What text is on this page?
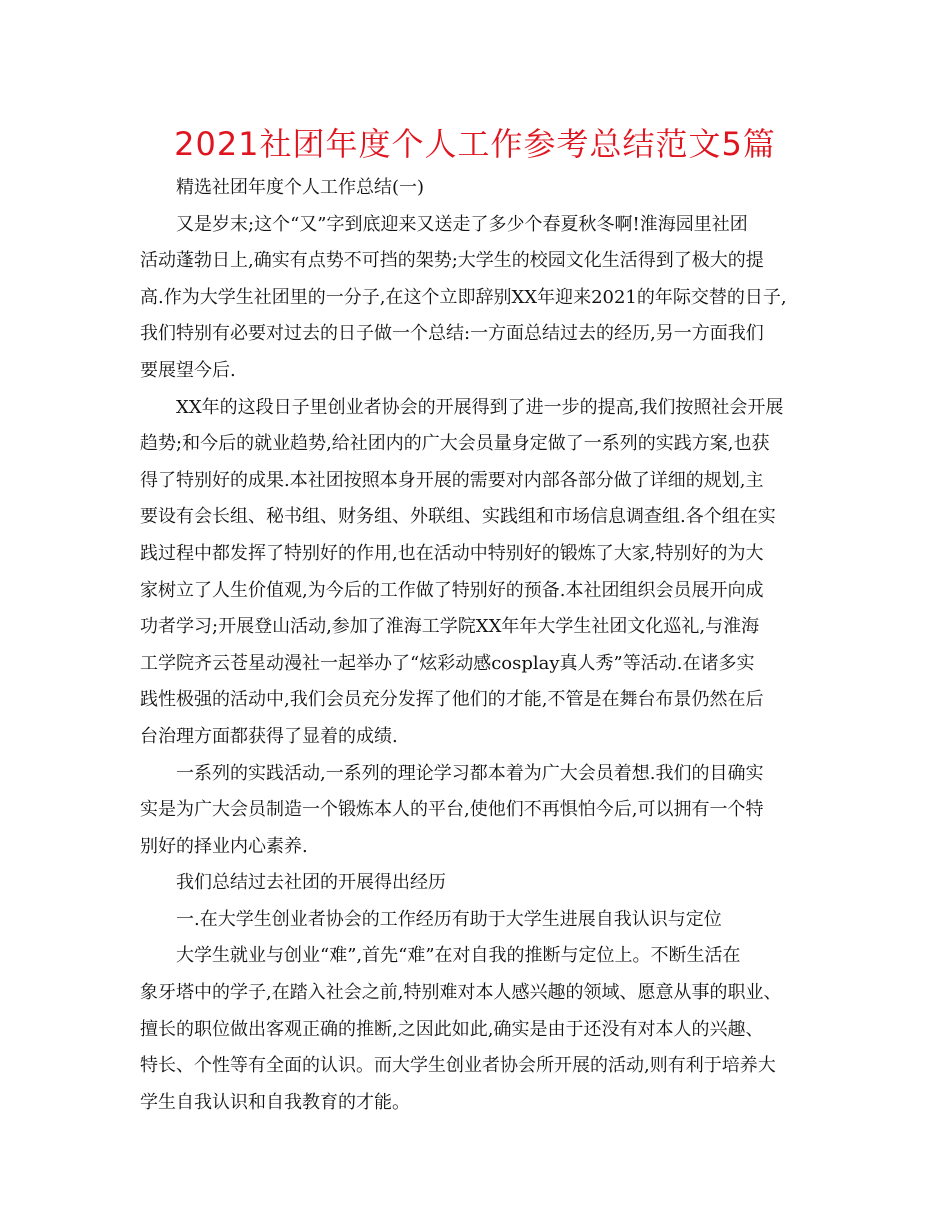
2021社团年度个人工作参考总结范文5篇
精选社团年度个人工作总结(一)
又是岁末;这个“又”字到底迎来又送走了多少个春夏秋冬啊!淮海园里社团
活动蓬勃日上,确实有点势不可挡的架势;大学生的校园文化生活得到了极大的提
高.作为大学生社团里的一分子,在这个立即辞别XX年迎来2021的年际交替的日子,
我们特别有必要对过去的日子做一个总结:一方面总结过去的经历,另一方面我们
要展望今后.
XX年的这段日子里创业者协会的开展得到了进一步的提高,我们按照社会开展
趋势;和今后的就业趋势,给社团内的广大会员量身定做了一系列的实践方案,也获
得了特别好的成果.本社团按照本身开展的需要对内部各部分做了详细的规划,主
要设有会长组、秘书组、财务组、外联组、实践组和市场信息调查组.各个组在实
践过程中都发挥了特别好的作用,也在活动中特别好的锻炼了大家,特别好的为大
家树立了人生价值观,为今后的工作做了特别好的预备.本社团组织会员展开向成
功者学习;开展登山活动,参加了淮海工学院XX年年大学生社团文化巡礼,与淮海
工学院齐云苍星动漫社一起举办了“炫彩动感cosplay真人秀”等活动.在诸多实
践性极强的活动中,我们会员充分发挥了他们的才能,不管是在舞台布景仍然在后
台治理方面都获得了显着的成绩.
一系列的实践活动,一系列的理论学习都本着为广大会员着想.我们的目确实
实是为广大会员制造一个锻炼本人的平台,使他们不再惧怕今后,可以拥有一个特
别好的择业内心素养.
我们总结过去社团的开展得出经历
一.在大学生创业者协会的工作经历有助于大学生进展自我认识与定位
大学生就业与创业“难”,首先“难”在对自我的推断与定位上。不断生活在
象牙塔中的学子,在踏入社会之前,特别难对本人感兴趣的领域、愿意从事的职业、
擅长的职位做出客观正确的推断,之因此如此,确实是由于还没有对本人的兴趣、
特长、个性等有全面的认识。而大学生创业者协会所开展的活动,则有利于培养大
学生自我认识和自我教育的才能。
